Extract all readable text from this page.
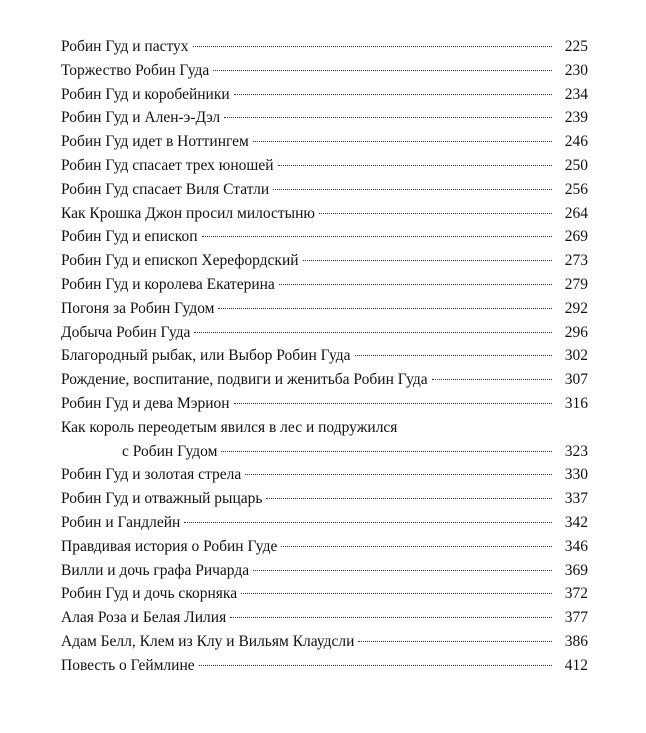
Робин Гуд и пастух	225
Торжество Робин Гуда	230
Робин Гуд и коробейники	234
Робин Гуд и Ален-э-Дэл	239
Робин Гуд идет в Ноттингем	246
Робин Гуд спасает трех юношей	250
Робин Гуд спасает Виля Статли	256
Как Крошка Джон просил милостыню	264
Робин Гуд и епископ	269
Робин Гуд и епископ Херефордский	273
Робин Гуд и королева Екатерина	279
Погоня за Робин Гудом	292
Добыча Робин Гуда	296
Благородный рыбак, или Выбор Робин Гуда	302
Рождение, воспитание, подвиги и женитьба Робин Гуда	307
Робин Гуд и дева Мэрион	316
Как король переодетым явился в лес и подружился
с Робин Гудом	323
Робин Гуд и золотая стрела	330
Робин Гуд и отважный рыцарь	337
Робин и Гандлейн	342
Правдивая история о Робин Гуде	346
Вилли и дочь графа Ричарда	369
Робин Гуд и дочь скорняка	372
Алая Роза и Белая Лилия	377
Адам Белл, Клем из Клу и Вильям Клаудсли	386
Повесть о Геймлине	412
